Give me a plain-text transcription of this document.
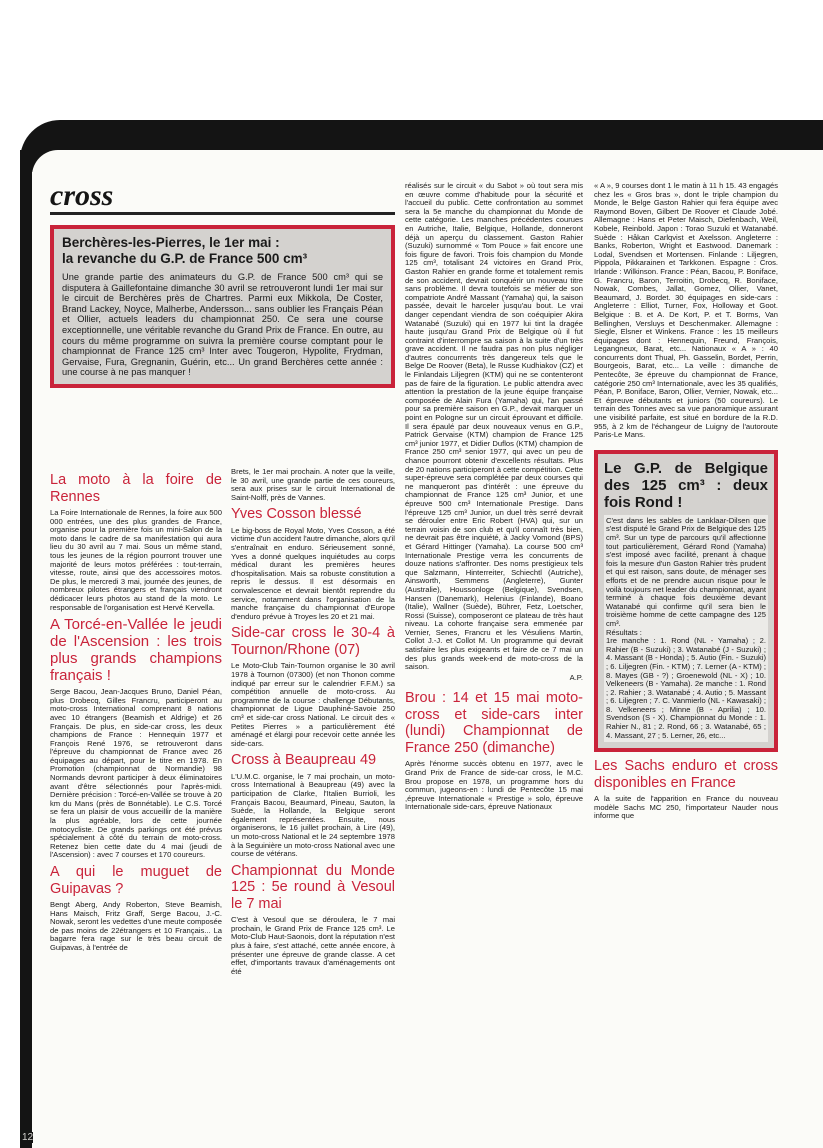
cross
Berchères-les-Pierres, le 1er mai :
la revanche du G.P. de France 500 cm³

Une grande partie des animateurs du G.P. de France 500 cm³ qui se disputera à Gaillefontaine dimanche 30 avril se retrouveront lundi 1er mai sur le circuit de Berchères près de Chartres. Parmi eux Mikkola, De Coster, Brand Lackey, Noyce, Malherbe, Andersson... sans oublier les Français Péan et Ollier, actuels leaders du championnat 250. Ce sera une course exceptionnelle, une véritable revanche du Grand Prix de France. En outre, au cours du même programme on suivra la première course comptant pour le championnat de France 125 cm³ Inter avec Tougeron, Hypolite, Frydman, Gervaise, Fura, Gregnanin, Guérin, etc... Un grand Berchères cette année : une course à ne pas manquer !

La moto à la foire de Rennes

La Foire Internationale de Rennes, la foire aux 500 000 entrées, une des plus grandes de France, organise pour la première fois un mini-Salon de la moto dans le cadre de sa manifestation qui aura lieu du 30 avril au 7 mai. Sous un même stand, tous les jeunes de la région pourront trouver une majorité de leurs motos préférées : tout-terrain, vitesse, route, ainsi que des accessoires motos. De plus, le mercredi 3 mai, journée des jeunes, de nombreux pilotes étrangers et français viendront dédicacer leurs photos au stand de la moto. Le responsable de l'organisation est Hervé Kervella.

A Torcé-en-Vallée le jeudi de l'Ascension : les trois plus grands champions français !

Serge Bacou, Jean-Jacques Bruno, Daniel Péan, plus Drobecq, Gilles Francru, participeront au moto-cross International comprenant 8 nations avec 10 étrangers (Beamish et Aldrige) et 26 Français. De plus, en side-car cross, les deux champions de France : Hennequin 1977 et François René 1976, se retrouveront dans l'épreuve du championnat de France avec 26 équipages au départ, pour le titre en 1978. En Promotion (championnat de Normandie) 98 Normands devront participer à deux éliminatoires avant d'être sélectionnés pour l'après-midi. Dernière précision : Torcé-en-Vallée se trouve à 20 km du Mans (près de Bonnétable). Le C.S. Torcé se fera un plaisir de vous accueillir de la manière la plus agréable, lors de cette journée motocycliste. De grands parkings ont été prévus spécialement à côté du terrain de moto-cross. Retenez bien cette date du 4 mai (jeudi de l'Ascension) : avec 7 courses et 170 coureurs.

A qui le muguet de Guipavas ?

Bengt Aberg, Andy Roberton, Steve Beamish, Hans Maisch, Fritz Graff, Serge Bacou, J.-C. Nowak, seront les vedettes d'une meute composée de pas moins de 22étrangers et 10 Français... La bagarre fera rage sur le très beau circuit de Guipavas, à l'entrée de

Brets, le 1er mai prochain. A noter que la veille, le 30 avril, une grande partie de ces coureurs, sera aux prises sur le circuit International de Saint-Nolff, près de Vannes.

Yves Cosson blessé

Le big-boss de Royal Moto, Yves Cosson, a été victime d'un accident l'autre dimanche, alors qu'il s'entraînait en enduro. Sérieusement sonné, Yves a donné quelques inquiétudes au corps médical durant les premières heures d'hospitalisation. Mais sa robuste constitution a repris le dessus. Il est désormais en convalescence et devrait bientôt reprendre du service, notamment dans l'organisation de la manche française du championnat d'Europe d'enduro prévue à Troyes les 20 et 21 mai.

Side-car cross le 30-4 à Tournon/Rhone (07)

Le Moto-Club Tain-Tournon organise le 30 avril 1978 à Tournon (07300) (et non Thonon comme indiqué par erreur sur le calendrier F.F.M.) sa compétition annuelle de moto-cross. Au programme de la course : challenge Débutants, championnat de Ligue Dauphiné-Savoie 250 cm³ et side-car cross National. Le circuit des « Petites Pierres » a particulièrement été aménagé et élargi pour recevoir cette année les side-cars.

Cross à Beaupreau 49

L'U.M.C. organise, le 7 mai prochain, un moto-cross International à Beaupreau (49) avec la participation de Clarke, l'Italien Burrioli, les Français Bacou, Beaumard, Pineau, Sauton, la Suède, la Hollande, la Belgique seront également représentées. Ensuite, nous organiserons, le 16 juillet prochain, à Lire (49), un moto-cross National et le 24 septembre 1978 à la Seguinière un moto-cross National avec une course de vétérans.

Championnat du Monde 125 : 5e round à Vesoul le 7 mai

C'est à Vesoul que se déroulera, le 7 mai prochain, le Grand Prix de France 125 cm³. Le Moto-Club Haut-Saonois, dont la réputation n'est plus à faire, s'est attaché, cette année encore, à présenter une épreuve de grande classe. A cet effet, d'importants travaux d'aménagements ont été

réalisés sur le circuit « du Sabot » où tout sera mis en œuvre comme d'habitude pour la sécurité et l'accueil du public. Cette confrontation au sommet sera la 5e manche du championnat du Monde de cette catégorie. Les manches précédentes courues en Autriche, Italie, Belgique, Hollande, donneront déjà un aperçu du classement. Gaston Rahier (Suzuki) surnommé « Tom Pouce » fait encore une fois figure de favori. Trois fois champion du Monde 125 cm³, totalisant 24 victoires en Grand Prix, Gaston Rahier en grande forme et totalement remis de son accident, devrait conquérir un nouveau titre sans problème. Il devra toutefois se méfier de son compatriote André Massant (Yamaha) qui, la saison passée, devait le harceler jusqu'au bout. Le vrai danger cependant viendra de son coéquipier Akira Watanabé (Suzuki) qui en 1977 lui tint la dragée haute jusqu'au Grand Prix de Belgique où il fut contraint d'interrompre sa saison à la suite d'un très grave accident. Il ne faudra pas non plus négliger d'autres concurrents très dangereux tels que le Belge De Roover (Beta), le Russe Kudhiakov (CZ) et le Finlandais Liljegren (KTM) qui ne se contenteront pas de faire de la figuration. Le public attendra avec attention la prestation de la jeune équipe française composée de Alain Fura (Yamaha) qui, l'an passé pour sa première saison en G.P., devait marquer un point en Pologne sur un circuit éprouvant et difficile. Il sera épaulé par deux nouveaux venus en G.P., Patrick Gervaise (KTM) champion de France 125 cm³ junior 1977, et Didier Duflos (KTM) champion de France 250 cm³ senior 1977, qui avec un peu de chance pourront obtenir d'excellents résultats. Plus de 20 nations participeront à cette compétition. Cette super-épreuve sera complétée par deux courses qui ne manqueront pas d'intérêt : une épreuve du championnat de France 125 cm³ Junior, et une épreuve 500 cm³ Internationale Prestige. Dans l'épreuve 125 cm³ Junior, un duel très serré devrait se dérouler entre Eric Robert (HVA) qui, sur un terrain voisin de son club et qu'il connaît très bien, ne devrait pas être inquiété, à Jacky Vomond (BPS) et Gérard Hittinger (Yamaha). La course 500 cm³ Internationale Prestige verra les concurrents de douze nations s'affronter. Des noms prestigieux tels que Salzmann, Hinterreiter, Schiechtl (Autriche), Ainsworth, Semmens (Angleterre), Gunter (Australie), Houssonloge (Belgique), Svendsen, Hansen (Danemark), Helenius (Finlande), Boano (Italie), Wallner (Suède), Bührer, Fetz, Loetscher, Rossi (Suisse), composeront ce plateau de très haut niveau. La cohorte française sera emmenée par Vernier, Senes, Francru et les Vésuliens Martin, Collot J.-J. et Collot M. Un programme qui devrait satisfaire les plus exigeants et faire de ce 7 mai un des plus grands week-end de moto-cross de la saison.

A.P.
Brou : 14 et 15 mai moto-cross et side-cars inter (lundi) Championnat de France 250 (dimanche)

Après l'énorme succès obtenu en 1977, avec le Grand Prix de France de side-car cross, le M.C. Brou propose en 1978, un programme hors du commun, jugeons-en : lundi de Pentecôte 15 mai ,épreuve Internationale « Prestige » solo, épreuve Internationale side-cars, épreuve Nationaux

« A », 9 courses dont 1 le matin à 11 h 15. 43 engagés chez les « Gros bras », dont le triple champion du Monde, le Belge Gaston Rahier qui fera équipe avec Raymond Boven, Gilbert De Roover et Claude Jobé. Allemagne : Hans et Peter Maisch, Diefenbach, Weil, Kobele, Reinbold. Japon : Torao Suzuki et Watanabé. Suède : Håkan Carlqvist et Axelsson. Angleterre : Banks, Roberton, Wright et Eastwood. Danemark : Lodal, Svendsen et Mortensen. Finlande : Liljegren, Pippola, Pikkarainen et Tarkkonen. Espagne : Cros. Irlande : Wilkinson. France : Péan, Bacou, P. Boniface, G. Francru, Baron, Terroitin, Drobecq, R. Boniface, Nowak, Combes, Jallat, Gomez, Ollier, Vanet, Beaumard, J. Bordet. 30 équipages en side-cars : Angleterre : Elliot, Turner, Fox, Holloway et Goot. Belgique : B. et A. De Kort, P. et T. Borms, Van Bellinghen, Versluys et Deschenmaker. Allemagne : Siegle, Elsner et Winkens. France : les 15 meilleurs équipages dont : Hennequin, Freund, François, Legangneux, Barat, etc... Nationaux « A » : 40 concurrents dont Thual, Ph. Gasselin, Bordet, Perrin, Bourgeois, Barat, etc... La veille : dimanche de Pentecôte, 3e épreuve du championnat de France, catégorie 250 cm³ Internationale, avec les 35 qualifiés, Péan, P. Boniface, Baron, Ollier, Vernier, Nowak, etc... Et épreuve débutants et juniors (50 coureurs). Le terrain des Tonnes avec sa vue panoramique assurant une visibilité parfaite, est situé en bordure de la R.D. 955, à 2 km de l'échangeur de Luigny de l'autoroute Paris-Le Mans.

Le G.P. de Belgique des 125 cm³ : deux fois Rond !

C'est dans les sables de Lanklaar-Dilsen que s'est disputé le Grand Prix de Belgique des 125 cm³. Sur un type de parcours qu'il affectionne tout particulièrement, Gérard Rond (Yamaha) s'est imposé avec facilité, prenant à chaque fois la mesure d'un Gaston Rahier très prudent et qui est raison, sans doute, de ménager ses efforts et de ne prendre aucun risque pour le voilà toujours net leader du championnat, ayant terminé à chaque fois deuxième devant Watanabé qui confirme qu'il sera bien le troisième homme de cette campagne des 125 cm³.

Résultats :

1re manche : 1. Rond (NL - Yamaha) ; 2. Rahier (B - Suzuki) ; 3. Watanabé (J - Suzuki) ; 4. Massant (B - Honda) ; 5. Autio (Fin. - Suzuki) ; 6. Liljegren (Fin. - KTM) ; 7. Lerner (A - KTM) ; 8. Mayes (GB - ?) ; Groenewold (NL - X) ; 10. Velkeneers (B - Yamaha). 2e manche : 1. Rond ; 2. Rahier ; 3. Watanabé ; 4. Autio ; 5. Massant ; 6. Liljegren ; 7. C. Vanmierlo (NL - Kawasaki) ; 8. Velkeneers ; Minne (B - Aprilia) ; 10. Svendson (S - X). Championnat du Monde : 1. Rahier N., 81 ; 2. Rond, 66 ; 3. Watanabé, 65 ; 4. Massant, 27 ; 5. Lerner, 26, etc...

Les Sachs enduro et cross disponibles en France

A la suite de l'apparition en France du nouveau modèle Sachs MC 250, l'importateur Nauder nous informe que

12
